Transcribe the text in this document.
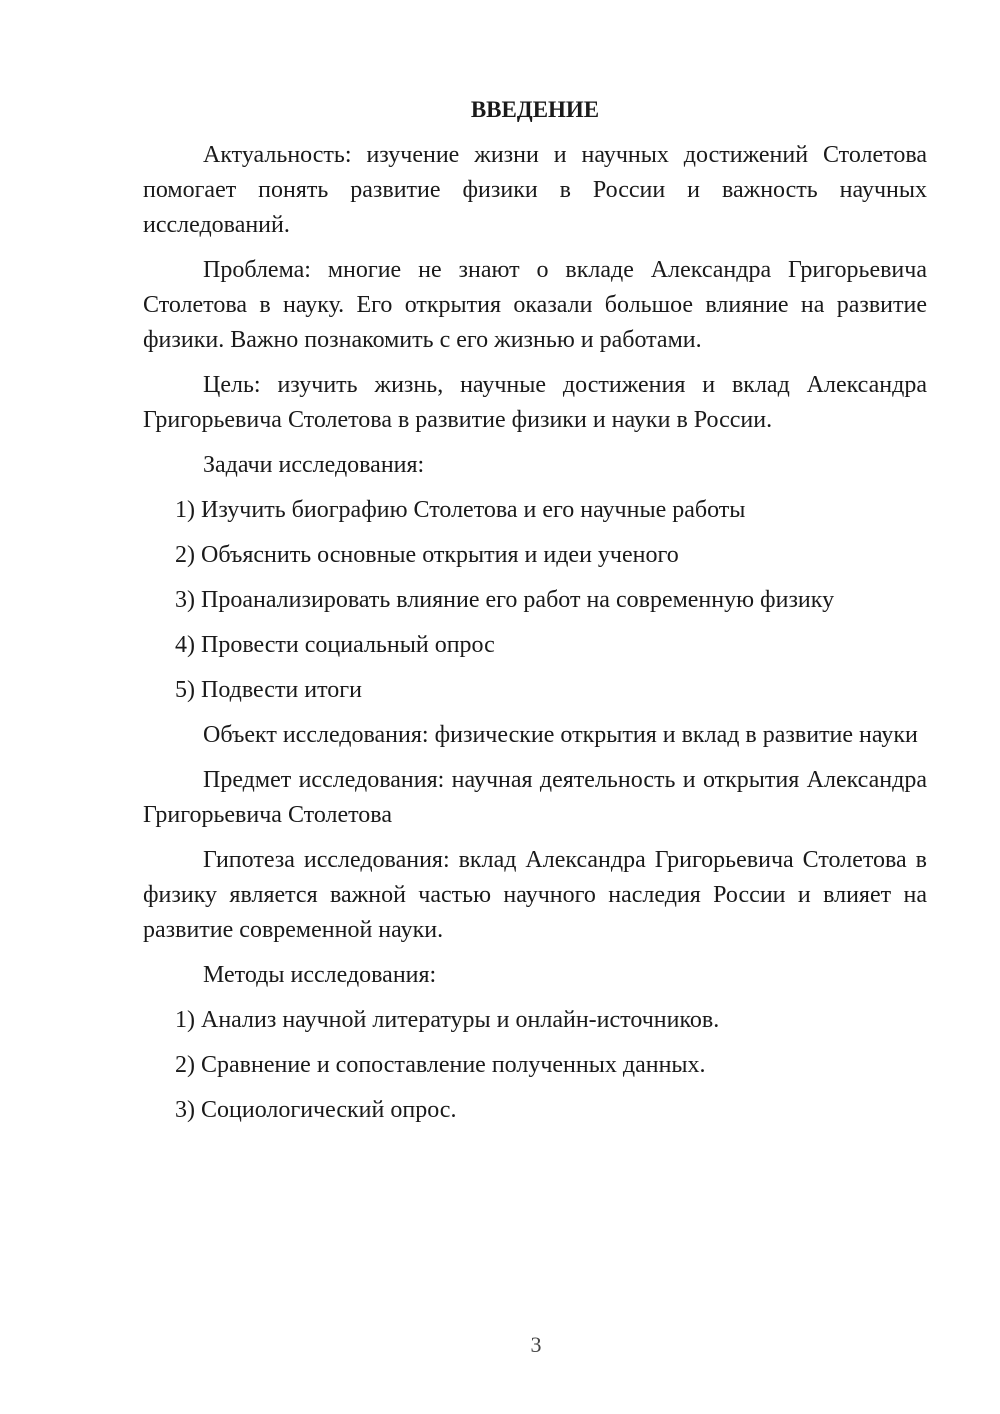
ВВЕДЕНИЕ

Актуальность: изучение жизни и научных достижений Столетова помогает понять развитие физики в России и важность научных исследований.

Проблема: многие не знают о вкладе Александра Григорьевича Столетова в науку. Его открытия оказали большое влияние на развитие физики. Важно познакомить с его жизнью и работами.

Цель: изучить жизнь, научные достижения и вклад Александра Григорьевича Столетова в развитие физики и науки в России.

Задачи исследования:

1) Изучить биографию Столетова и его научные работы

2) Объяснить основные открытия и идеи ученого

3) Проанализировать влияние его работ на современную физику

4) Провести социальный опрос

5) Подвести итоги

Объект исследования: физические открытия и вклад в развитие науки

Предмет исследования: научная деятельность и открытия Александра Григорьевича Столетова

Гипотеза исследования: вклад Александра Григорьевича Столетова в физику является важной частью научного наследия России и влияет на развитие современной науки.

Методы исследования:

1) Анализ научной литературы и онлайн-источников.

2) Сравнение и сопоставление полученных данных.

3) Социологический опрос.

3
